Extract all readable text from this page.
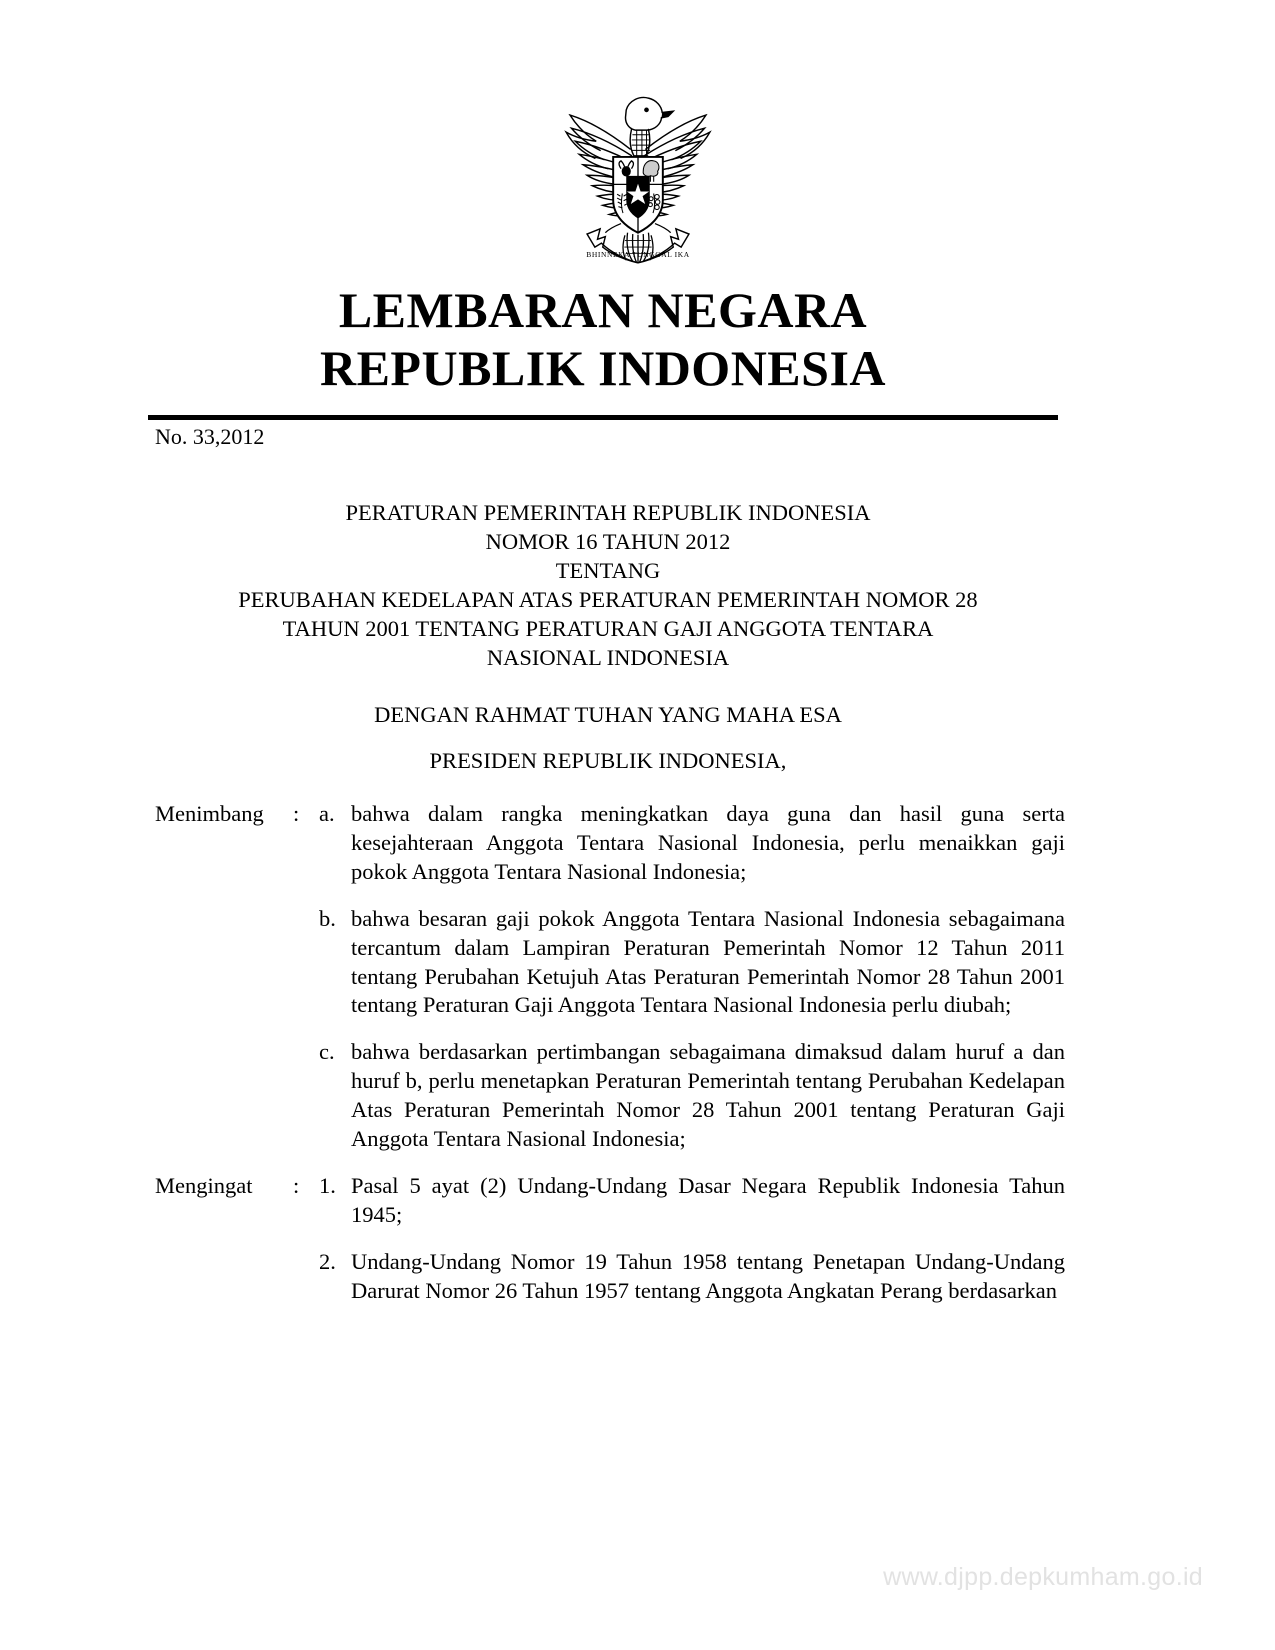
BHINNEKA TUNGGAL IKA
LEMBARAN NEGARA
REPUBLIK INDONESIA
No. 33,2012
PERATURAN PEMERINTAH REPUBLIK INDONESIA
NOMOR 16 TAHUN 2012
TENTANG
PERUBAHAN KEDELAPAN ATAS PERATURAN PEMERINTAH NOMOR 28
TAHUN 2001 TENTANG PERATURAN GAJI ANGGOTA TENTARA
NASIONAL INDONESIA
DENGAN RAHMAT TUHAN YANG MAHA ESA
PRESIDEN REPUBLIK INDONESIA,
Menimbang	: a. bahwa dalam rangka meningkatkan daya guna dan hasil guna serta kesejahteraan Anggota Tentara Nasional Indonesia, perlu menaikkan gaji pokok Anggota Tentara Nasional Indonesia;
b. bahwa besaran gaji pokok Anggota Tentara Nasional Indonesia sebagaimana tercantum dalam Lampiran Peraturan Pemerintah Nomor 12 Tahun 2011 tentang Perubahan Ketujuh Atas Peraturan Pemerintah Nomor 28 Tahun 2001 tentang Peraturan Gaji Anggota Tentara Nasional Indonesia perlu diubah;
c. bahwa berdasarkan pertimbangan sebagaimana dimaksud dalam huruf a dan huruf b, perlu menetapkan Peraturan Pemerintah tentang Perubahan Kedelapan Atas Peraturan Pemerintah Nomor 28 Tahun 2001 tentang Peraturan Gaji Anggota Tentara Nasional Indonesia;
Mengingat	: 1. Pasal 5 ayat (2) Undang-Undang Dasar Negara Republik Indonesia Tahun 1945;
2. Undang-Undang Nomor 19 Tahun 1958 tentang Penetapan Undang-Undang Darurat Nomor 26 Tahun 1957 tentang Anggota Angkatan Perang berdasarkan
www.djpp.depkumham.go.id
